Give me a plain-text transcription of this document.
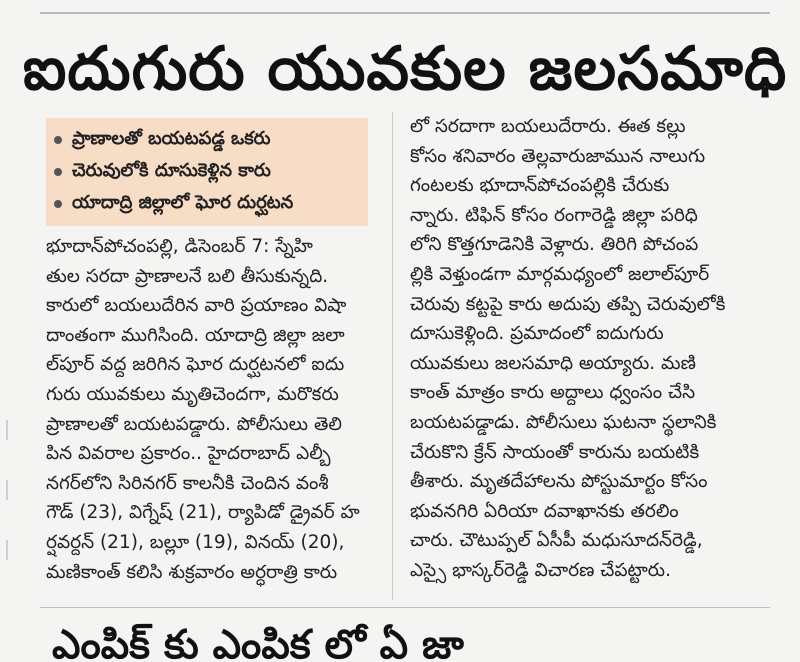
ఐదుగురు యువకుల జలసమాధి
ప్రాణాలతో బయటపడ్డ ఒకరు
చెరువులోకి దూసుకెళ్లిన కారు
యాదాద్రి జిల్లాలో ఘోర దుర్ఘటన
భూదాన్‌పోచంపల్లి, డిసెంబర్ 7: స్నేహి
తుల సరదా ప్రాణాలనే బలి తీసుకున్నది.
కారులో బయలుదేరిన వారి ప్రయాణం విషా
దాంతంగా ముగిసింది. యాదాద్రి జిల్లా జలా
ల్‌పూర్ వద్ద జరిగిన ఘోర దుర్ఘటనలో ఐదు
గురు యువకులు మృతిచెందగా, మరొకరు
ప్రాణాలతో బయటపడ్డారు. పోలీసులు తెలి
పిన వివరాల ప్రకారం.. హైదరాబాద్ ఎల్బీ
నగర్‌లోని సిరినగర్ కాలనీకి చెందిన వంశీ
గౌడ్ (23), విగ్నేష్ (21), ర్యాపిడో డ్రైవర్ హ
ర్షవర్దన్ (21), బల్లూ (19), వినయ్ (20),
మణికాంత్ కలిసి శుక్రవారం అర్ధరాత్రి కారు
లో సరదాగా బయలుదేరారు. ఈత కల్లు
కోసం శనివారం తెల్లవారుజామున నాలుగు
గంటలకు భూదాన్‌పోచంపల్లికి చేరుకు
న్నారు. టిఫిన్ కోసం రంగారెడ్డి జిల్లా పరిధి
లోని కొత్తగూడెనికి వెళ్లారు. తిరిగి పోచంప
ల్లికి వెళ్తుండగా మార్గమధ్యంలో జలాల్‌పూర్
చెరువు కట్టపై కారు అదుపు తప్పి చెరువులోకి
దూసుకెళ్లింది. ప్రమాదంలో ఐదుగురు
యువకులు జలసమాధి అయ్యారు. మణి
కాంత్ మాత్రం కారు అద్దాలు ధ్వంసం చేసి
బయటపడ్డాడు. పోలీసులు ఘటనా స్థలానికి
చేరుకొని క్రేన్ సాయంతో కారును బయటికి
తీశారు. మృతదేహాలను పోస్టుమార్టం కోసం
భువనగిరి ఏరియా దవాఖానకు తరలిం
చారు. చౌటుప్పల్ ఏసీపీ మధుసూదన్‌రెడ్డి,
ఎస్సై భాస్కర్‌రెడ్డి విచారణ చేపట్టారు.
ఎంపిక్ కు ఎంపిక లో ఏ జా
